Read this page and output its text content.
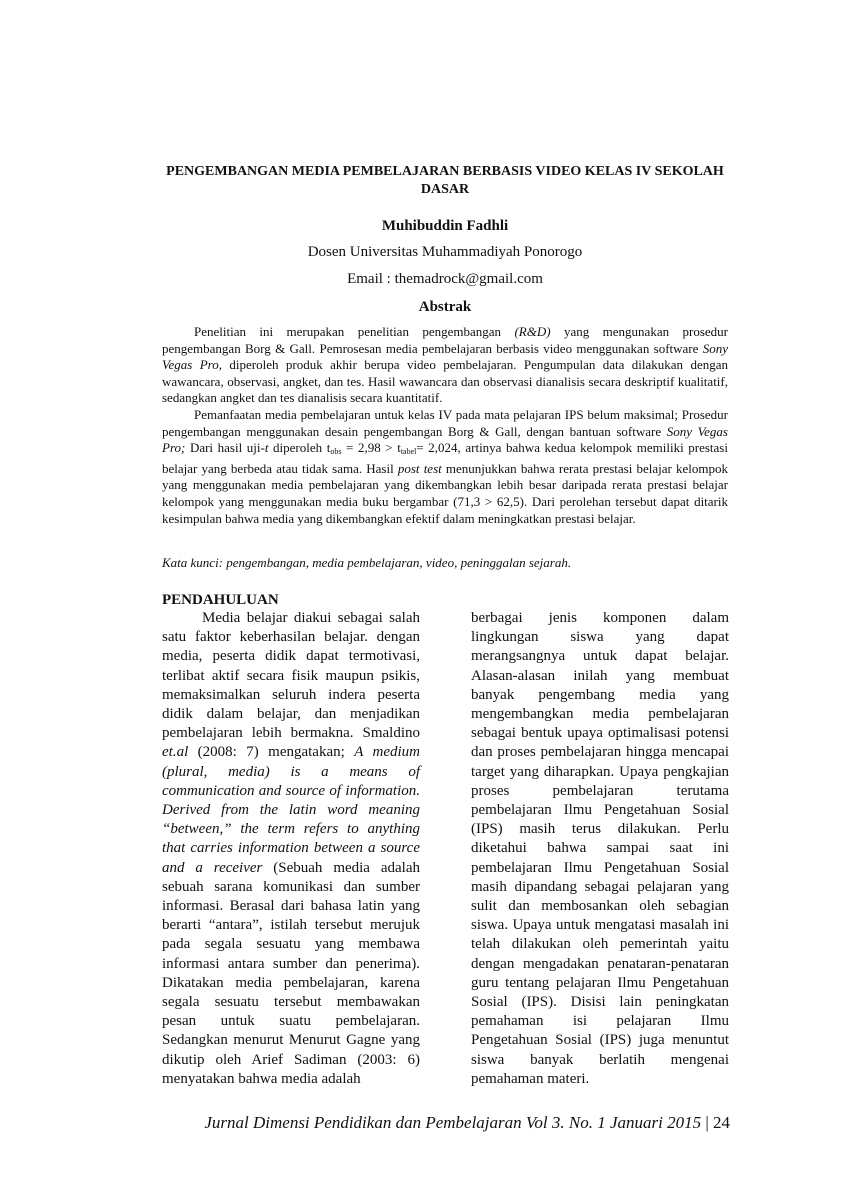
PENGEMBANGAN MEDIA PEMBELAJARAN BERBASIS VIDEO KELAS IV SEKOLAH DASAR
Muhibuddin Fadhli
Dosen Universitas Muhammadiyah Ponorogo
Email : themadrock@gmail.com
Abstrak

Penelitian ini merupakan penelitian pengembangan (R&D) yang mengunakan prosedur pengembangan Borg & Gall. Pemrosesan media pembelajaran berbasis video menggunakan software Sony Vegas Pro, diperoleh produk akhir berupa video pembelajaran. Pengumpulan data dilakukan dengan wawancara, observasi, angket, dan tes. Hasil wawancara dan observasi dianalisis secara deskriptif kualitatif, sedangkan angket dan tes dianalisis secara kuantitatif.

Pemanfaatan media pembelajaran untuk kelas IV pada mata pelajaran IPS belum maksimal; Prosedur pengembangan menggunakan desain pengembangan Borg & Gall, dengan bantuan software Sony Vegas Pro; Dari hasil uji-t diperoleh $t_{obs} = 2,98 > t_{tabel}= 2,024$, artinya bahwa kedua kelompok memiliki prestasi belajar yang berbeda atau tidak sama. Hasil post test menunjukkan bahwa rerata prestasi belajar kelompok yang menggunakan media pembelajaran yang dikembangkan lebih besar daripada rerata prestasi belajar kelompok yang menggunakan media buku bergambar (71,3 > 62,5). Dari perolehan tersebut dapat ditarik kesimpulan bahwa media yang dikembangkan efektif dalam meningkatkan prestasi belajar.

Kata kunci: pengembangan, media pembelajaran, video, peninggalan sejarah.
PENDAHULUAN

Media belajar diakui sebagai salah satu faktor keberhasilan belajar. dengan media, peserta didik dapat termotivasi, terlibat aktif secara fisik maupun psikis, memaksimalkan seluruh indera peserta didik dalam belajar, dan menjadikan pembelajaran lebih bermakna. Smaldino et.al (2008: 7) mengatakan; A medium (plural, media) is a means of communication and source of information. Derived from the latin word meaning “between,” the term refers to anything that carries information between a source and a receiver (Sebuah media adalah sebuah sarana komunikasi dan sumber informasi. Berasal dari bahasa latin yang berarti “antara”, istilah tersebut merujuk pada segala sesuatu yang membawa informasi antara sumber dan penerima). Dikatakan media pembelajaran, karena segala sesuatu tersebut membawakan pesan untuk suatu pembelajaran. Sedangkan menurut Menurut Gagne yang dikutip oleh Arief Sadiman (2003: 6) menyatakan bahwa media adalah

berbagai jenis komponen dalam lingkungan siswa yang dapat merangsangnya untuk dapat belajar. Alasan-alasan inilah yang membuat banyak pengembang media yang mengembangkan media pembelajaran sebagai bentuk upaya optimalisasi potensi dan proses pembelajaran hingga mencapai target yang diharapkan. Upaya pengkajian proses pembelajaran terutama pembelajaran Ilmu Pengetahuan Sosial (IPS) masih terus dilakukan. Perlu diketahui bahwa sampai saat ini pembelajaran Ilmu Pengetahuan Sosial masih dipandang sebagai pelajaran yang sulit dan membosankan oleh sebagian siswa. Upaya untuk mengatasi masalah ini telah dilakukan oleh pemerintah yaitu dengan mengadakan penataran-penataran guru tentang pelajaran Ilmu Pengetahuan Sosial (IPS). Disisi lain peningkatan pemahaman isi pelajaran Ilmu Pengetahuan Sosial (IPS) juga menuntut siswa banyak berlatih mengenai pemahaman materi.

Jurnal Dimensi Pendidikan dan Pembelajaran Vol 3. No. 1 Januari 2015 | 24
